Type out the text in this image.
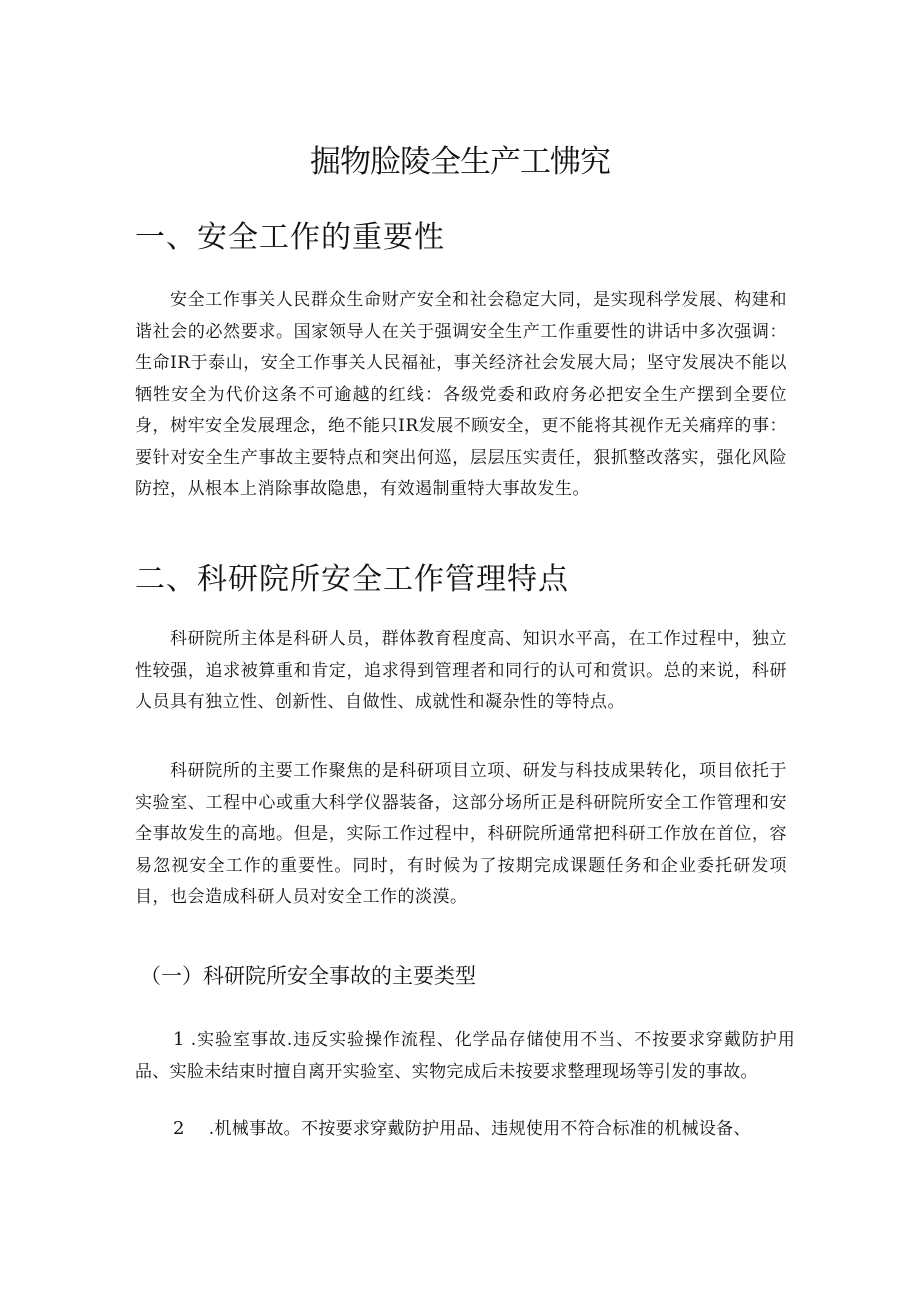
掘物脸陵全生产工怫究
一、安全工作的重要性

安全工作事关人民群众生命财产安全和社会稳定大同，是实现科学发展、构建和谐社会的必然要求。国家领导人在关于强调安全生产工作重要性的讲话中多次强调：生命IR于泰山，安全工作事关人民福祉，事关经济社会发展大局；坚守发展决不能以牺牲安全为代价这条不可逾越的红线：各级党委和政府务必把安全生产摆到全要位身，树牢安全发展理念，绝不能只IR发展不顾安全，更不能将其视作无关痛痒的事：要针对安全生产事故主要特点和突出何巡，层层压实责任，狠抓整改落实，强化风险防控，从根本上消除事故隐患，有效遏制重特大事故发生。

二、科研院所安全工作管理特点

科研院所主体是科研人员，群体教育程度高、知识水平高，在工作过程中，独立性较强，追求被算重和肯定，追求得到管理者和同行的认可和赏识。总的来说，科研人员具有独立性、创新性、自做性、成就性和凝杂性的等特点。

科研院所的主要工作聚焦的是科研项目立项、研发与科技成果转化，项目依托于实验室、工程中心或重大科学仪器装备，这部分场所正是科研院所安全工作管理和安全事故发生的高地。但是，实际工作过程中，科研院所通常把科研工作放在首位，容易忽视安全工作的重要性。同时，有时候为了按期完成课题任务和企业委托研发项目，也会造成科研人员对安全工作的淡漠。

（一）科研院所安全事故的主要类型

1 .实验室事故.违反实验操作流程、化学品存储使用不当、不按要求穿戴防护用品、实脸未结束时擅自离开实验室、实物完成后未按要求整理现场等引发的事故。

2 .机械事故。不按要求穿戴防护用品、违规使用不符合标准的机械设备、
